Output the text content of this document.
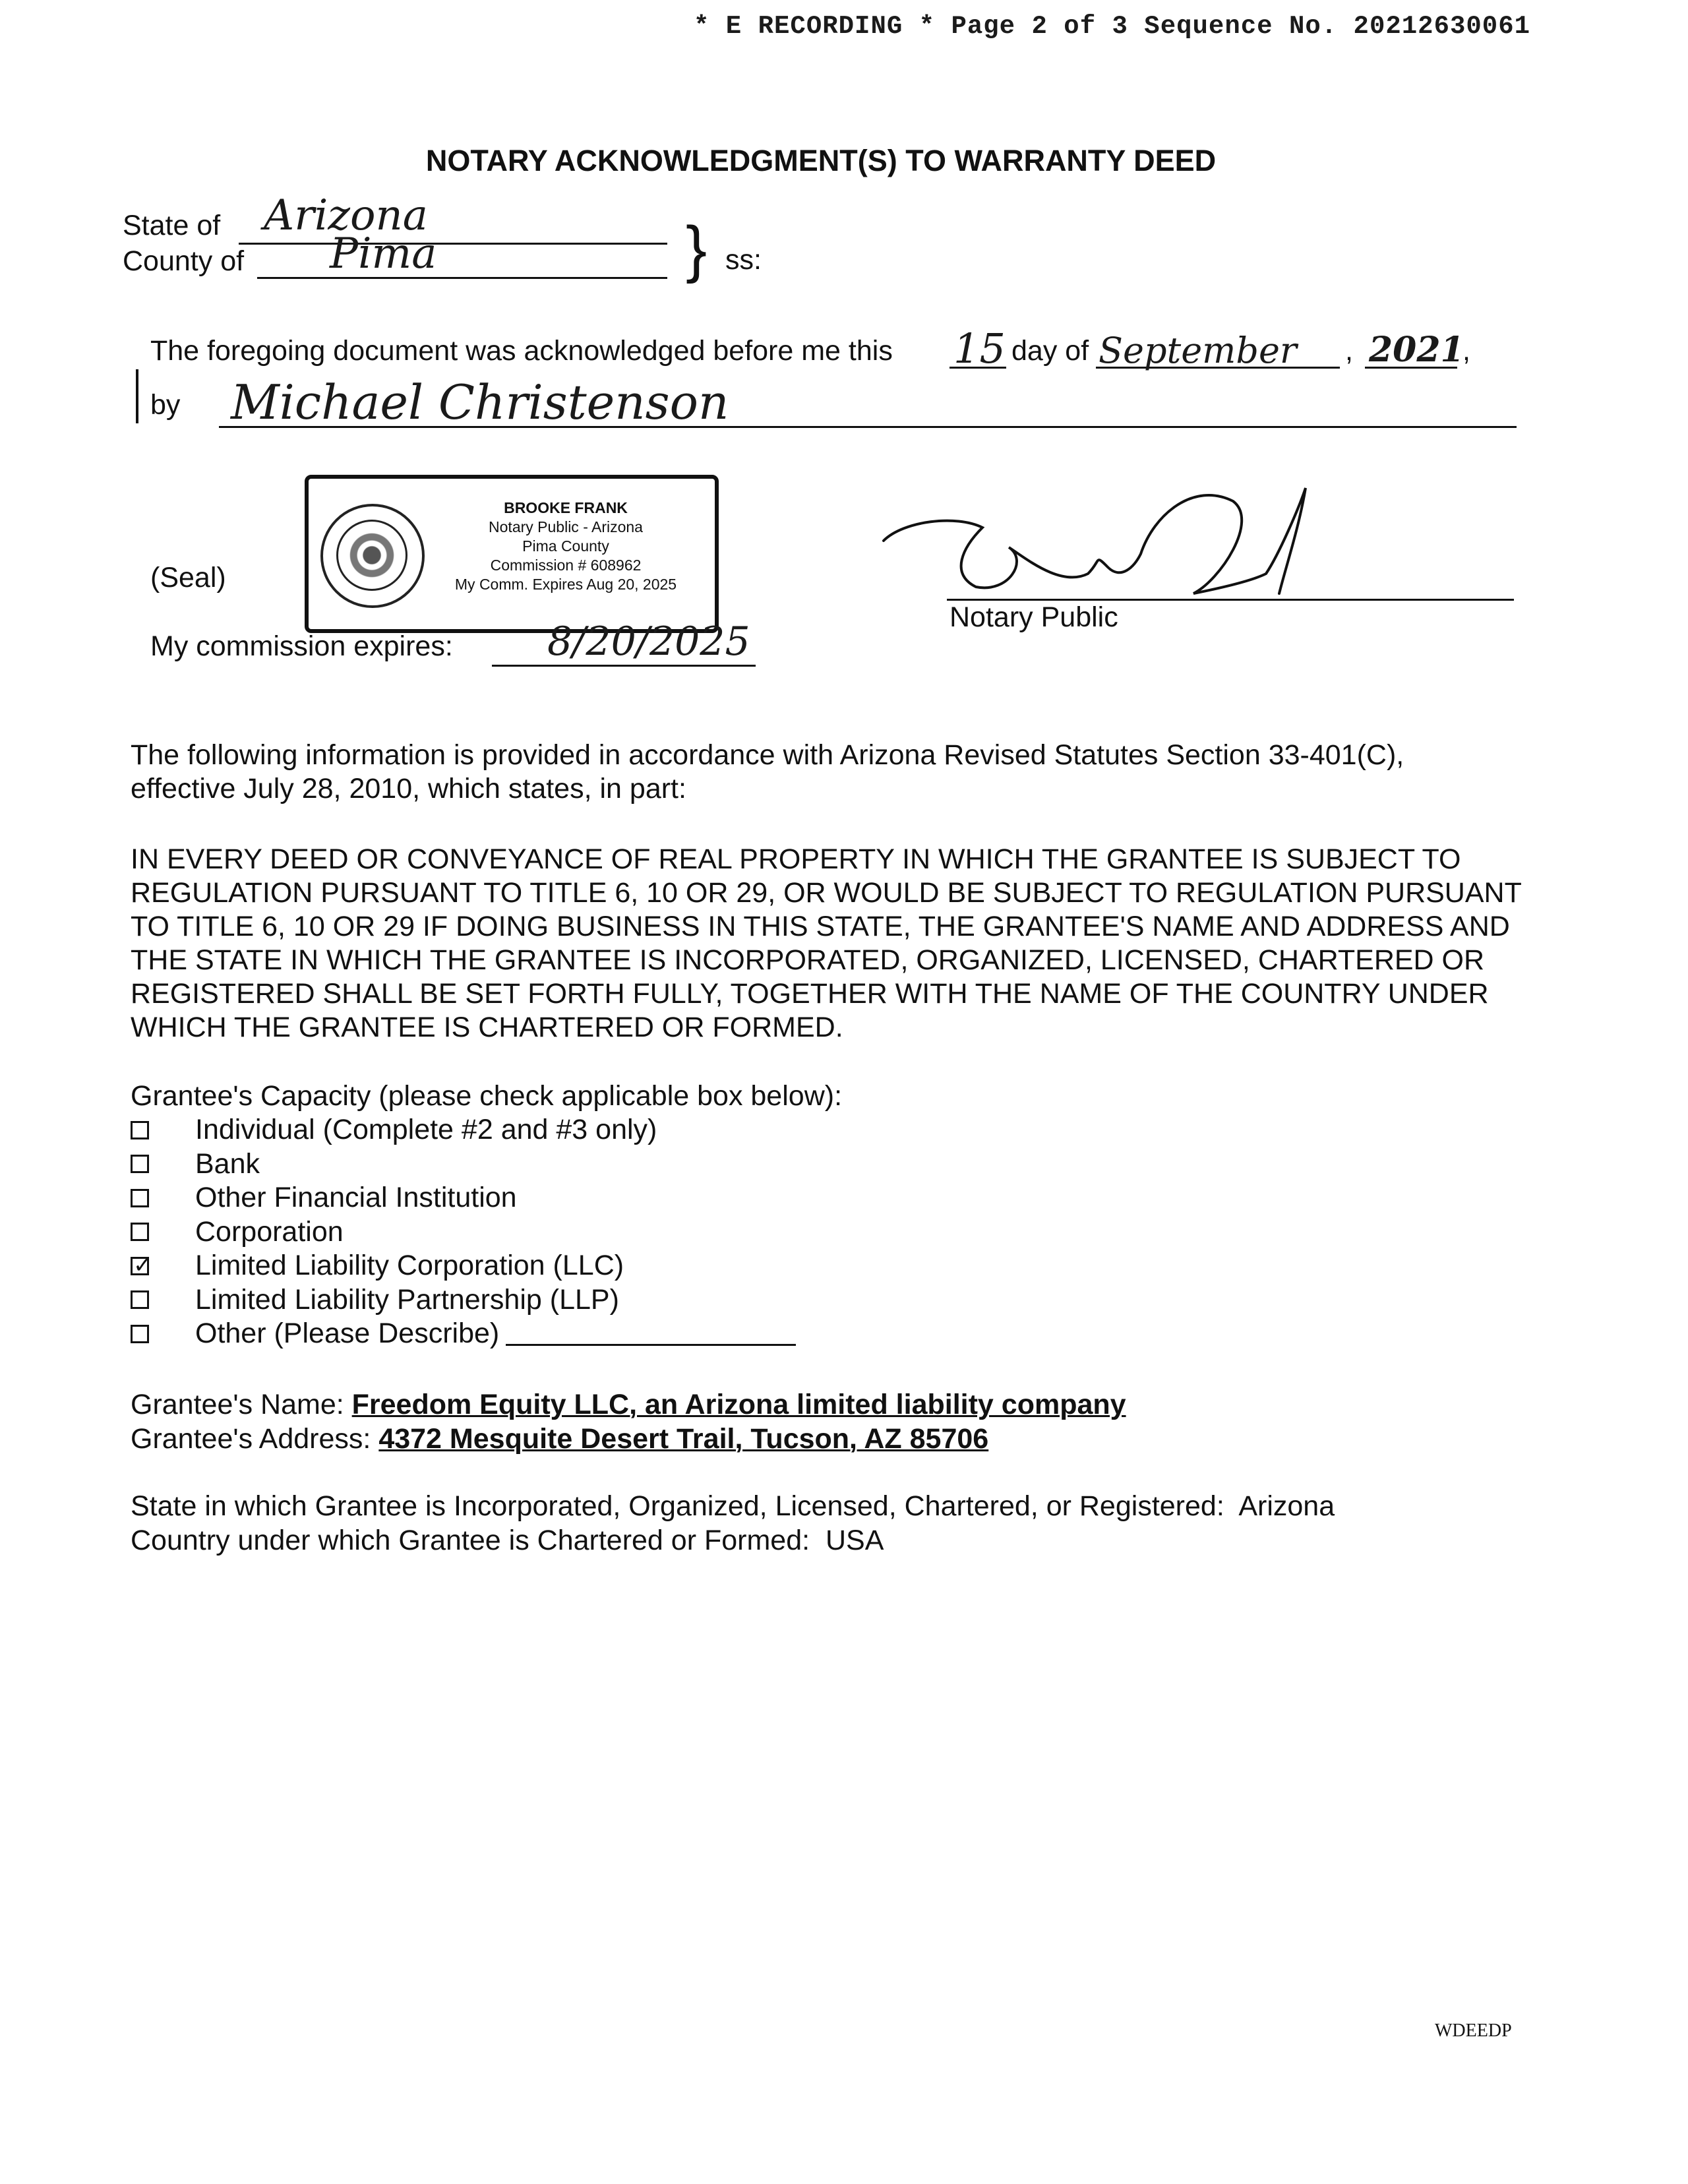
* E RECORDING * Page 2 of 3 Sequence No. 20212630061
NOTARY ACKNOWLEDGMENT(S) TO WARRANTY DEED
State of Arizona
County of Pima	} ss:
The foregoing document was acknowledged before me this 15 day of September , 2021
,
by Michael Christenson
(Seal)
BROOKE FRANK
Notary Public - Arizona
Pima County
Commission # 608962
My Comm. Expires Aug 20, 2025
My commission expires: 8/20/2025
Notary Public

The following information is provided in accordance with Arizona Revised Statutes Section 33-401(C), effective July 28, 2010, which states, in part:

IN EVERY DEED OR CONVEYANCE OF REAL PROPERTY IN WHICH THE GRANTEE IS SUBJECT TO REGULATION PURSUANT TO TITLE 6, 10 OR 29, OR WOULD BE SUBJECT TO REGULATION PURSUANT TO TITLE 6, 10 OR 29 IF DOING BUSINESS IN THIS STATE, THE GRANTEE'S NAME AND ADDRESS AND THE STATE IN WHICH THE GRANTEE IS INCORPORATED, ORGANIZED, LICENSED, CHARTERED OR REGISTERED SHALL BE SET FORTH FULLY, TOGETHER WITH THE NAME OF THE COUNTRY UNDER WHICH THE GRANTEE IS CHARTERED OR FORMED.

Grantee's Capacity (please check applicable box below):
Individual (Complete #2 and #3 only)
Bank
Other Financial Institution
Corporation
✓
Limited Liability Corporation (LLC)
Limited Liability Partnership (LLP)
Other (Please Describe)
Grantee's Name: Freedom Equity LLC, an Arizona limited liability company
Grantee's Address: 4372 Mesquite Desert Trail, Tucson, AZ 85706
State in which Grantee is Incorporated, Organized, Licensed, Chartered, or Registered: Arizona
Country under which Grantee is Chartered or Formed: USA
WDEEDP
